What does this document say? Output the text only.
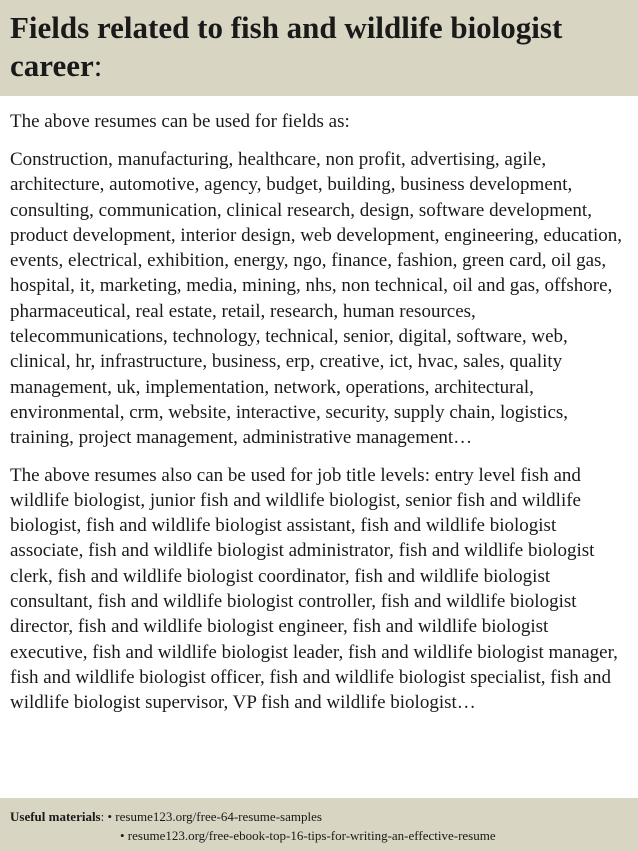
Fields related to fish and wildlife biologist career:

The above resumes can be used for fields as:

Construction, manufacturing, healthcare, non profit, advertising, agile, architecture, automotive, agency, budget, building, business development, consulting, communication, clinical research, design, software development, product development, interior design, web development, engineering, education, events, electrical, exhibition, energy, ngo, finance, fashion, green card, oil gas, hospital, it, marketing, media, mining, nhs, non technical, oil and gas, offshore, pharmaceutical, real estate, retail, research, human resources, telecommunications, technology, technical, senior, digital, software, web, clinical, hr, infrastructure, business, erp, creative, ict, hvac, sales, quality management, uk, implementation, network, operations, architectural, environmental, crm, website, interactive, security, supply chain, logistics, training, project management, administrative management…

The above resumes also can be used for job title levels: entry level fish and wildlife biologist, junior fish and wildlife biologist, senior fish and wildlife biologist, fish and wildlife biologist assistant, fish and wildlife biologist associate, fish and wildlife biologist administrator, fish and wildlife biologist clerk, fish and wildlife biologist coordinator, fish and wildlife biologist consultant, fish and wildlife biologist controller, fish and wildlife biologist director, fish and wildlife biologist engineer, fish and wildlife biologist executive, fish and wildlife biologist leader, fish and wildlife biologist manager, fish and wildlife biologist officer, fish and wildlife biologist specialist, fish and wildlife biologist supervisor, VP fish and wildlife biologist…

Useful materials: • resume123.org/free-64-resume-samples
• resume123.org/free-ebook-top-16-tips-for-writing-an-effective-resume
